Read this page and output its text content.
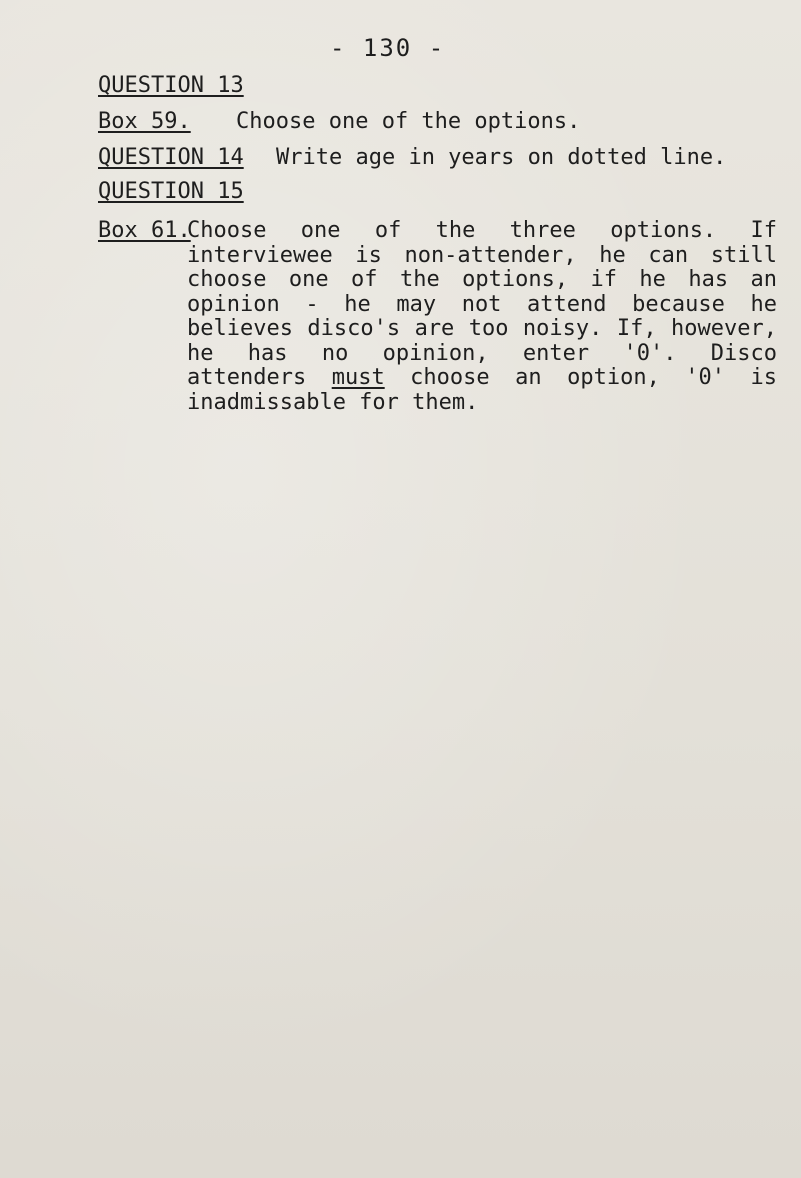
- 130 -
QUESTION 13
Box 59. Choose one of the options.
QUESTION 14 Write age in years on dotted line.
QUESTION 15
Box 61.

Choose one of the three options. If interviewee is non-attender, he can still choose one of the options, if he has an opinion - he may not attend because he believes disco's are too noisy. If, however, he has no opinion, enter '0'. Disco attenders must choose an option, '0' is inadmissable for them.
